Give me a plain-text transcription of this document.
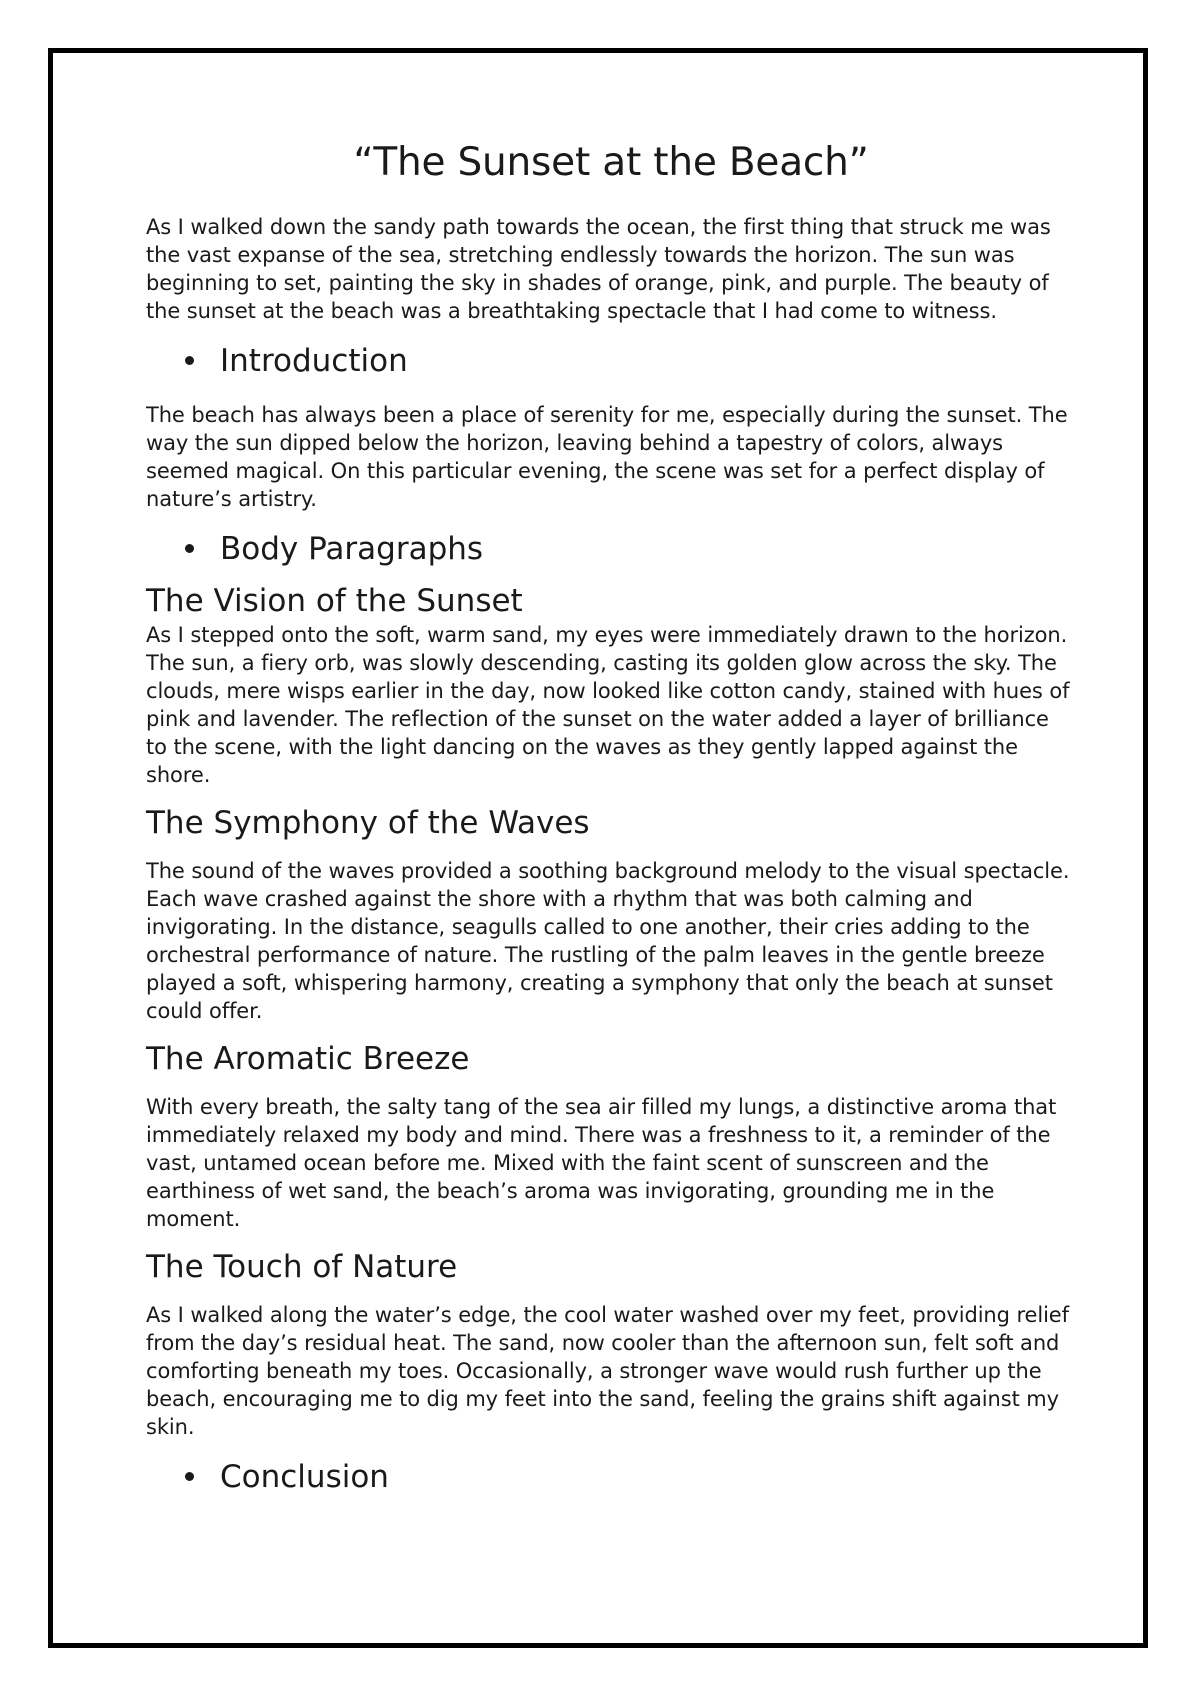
“The Sunset at the Beach”

As I walked down the sandy path towards the ocean, the first thing that struck me was the vast expanse of the sea, stretching endlessly towards the horizon. The sun was beginning to set, painting the sky in shades of orange, pink, and purple. The beauty of the sunset at the beach was a breathtaking spectacle that I had come to witness.

Introduction

The beach has always been a place of serenity for me, especially during the sunset. The way the sun dipped below the horizon, leaving behind a tapestry of colors, always seemed magical. On this particular evening, the scene was set for a perfect display of nature’s artistry.

Body Paragraphs
The Vision of the Sunset

As I stepped onto the soft, warm sand, my eyes were immediately drawn to the horizon. The sun, a fiery orb, was slowly descending, casting its golden glow across the sky. The clouds, mere wisps earlier in the day, now looked like cotton candy, stained with hues of pink and lavender. The reflection of the sunset on the water added a layer of brilliance to the scene, with the light dancing on the waves as they gently lapped against the shore.

The Symphony of the Waves

The sound of the waves provided a soothing background melody to the visual spectacle. Each wave crashed against the shore with a rhythm that was both calming and invigorating. In the distance, seagulls called to one another, their cries adding to the orchestral performance of nature. The rustling of the palm leaves in the gentle breeze played a soft, whispering harmony, creating a symphony that only the beach at sunset could offer.

The Aromatic Breeze

With every breath, the salty tang of the sea air filled my lungs, a distinctive aroma that immediately relaxed my body and mind. There was a freshness to it, a reminder of the vast, untamed ocean before me. Mixed with the faint scent of sunscreen and the earthiness of wet sand, the beach’s aroma was invigorating, grounding me in the moment.

The Touch of Nature

As I walked along the water’s edge, the cool water washed over my feet, providing relief from the day’s residual heat. The sand, now cooler than the afternoon sun, felt soft and comforting beneath my toes. Occasionally, a stronger wave would rush further up the beach, encouraging me to dig my feet into the sand, feeling the grains shift against my skin.

Conclusion
